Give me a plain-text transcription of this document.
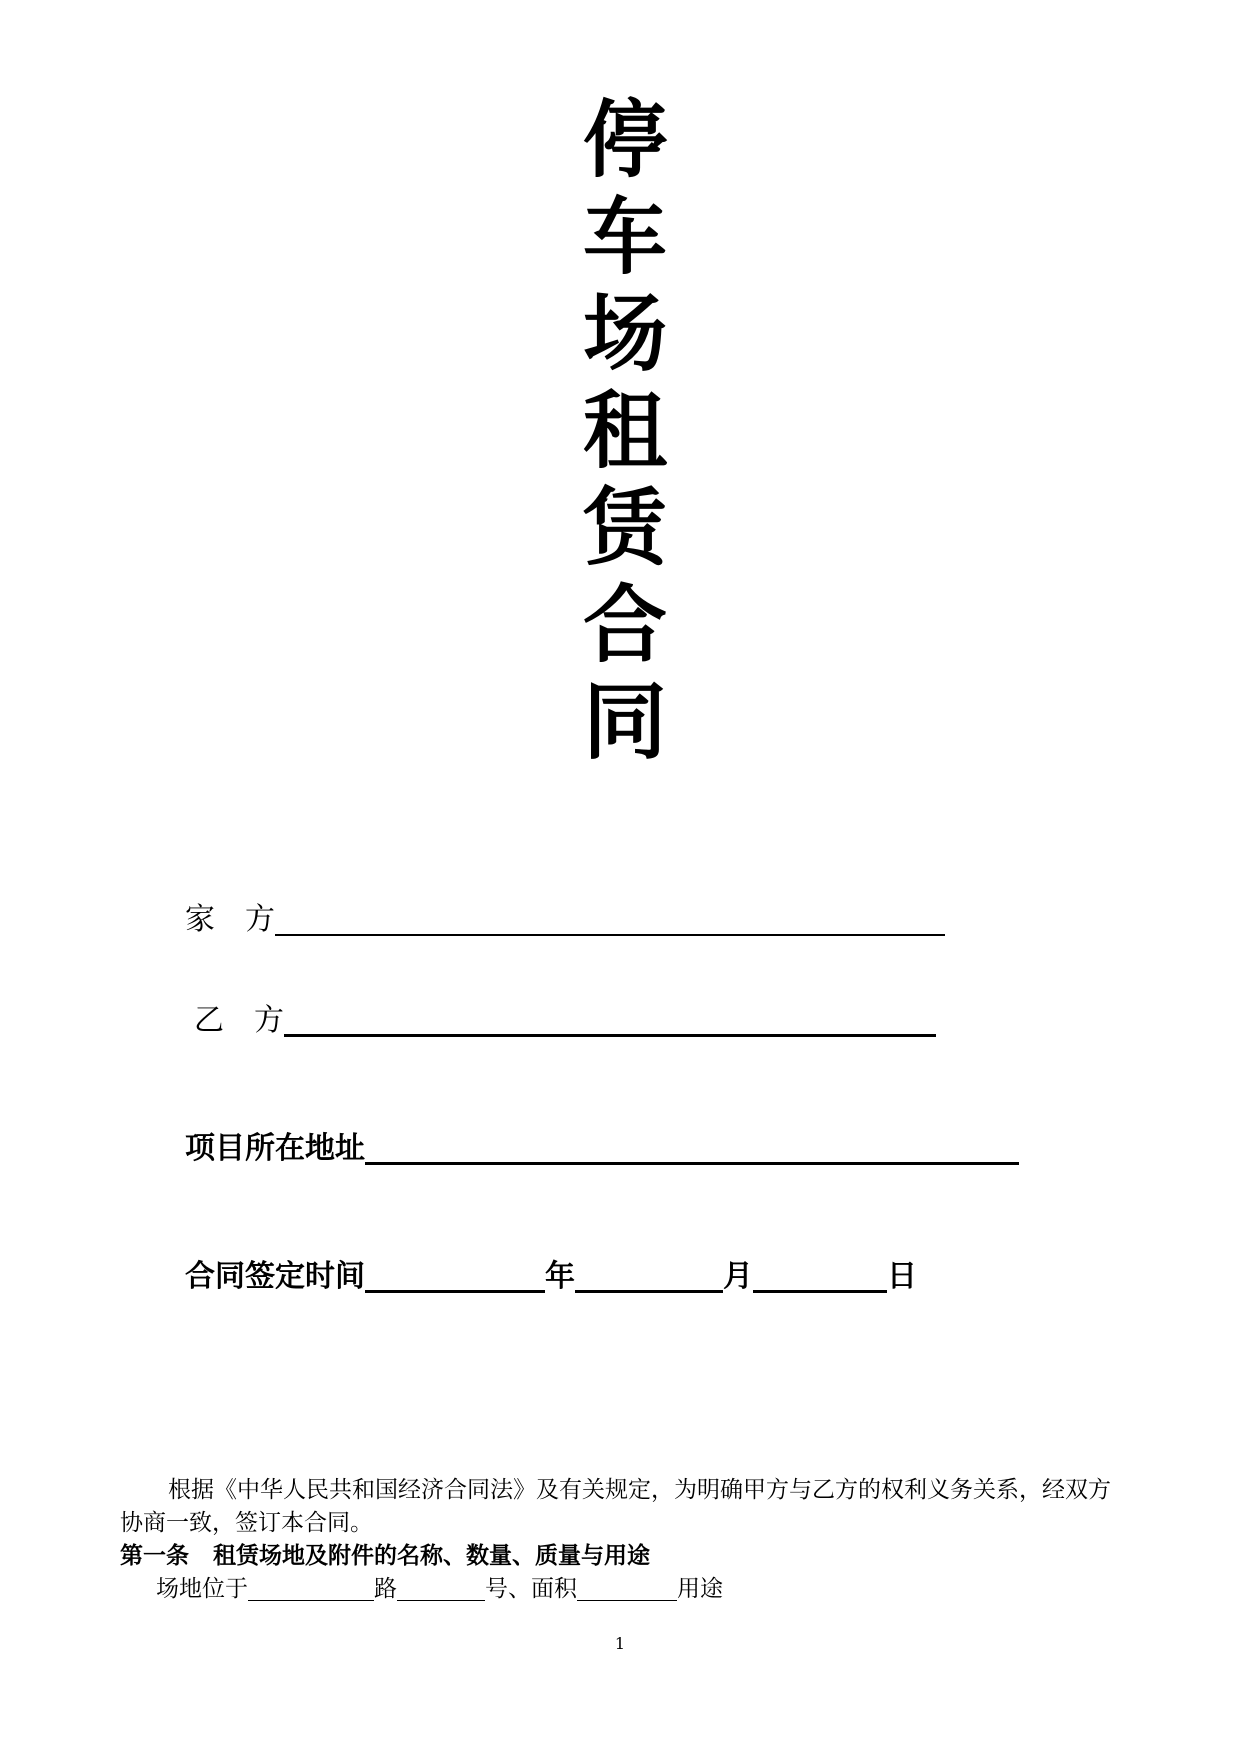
停
车
场
租
赁
合
同
家　方
乙　方
项目所在地址
合同签定时间	年	月	日
根据《中华人民共和国经济合同法》及有关规定，为明确甲方与乙方的权利义务关系，经双方协商一致，签订本合同。
第一条 租赁场地及附件的名称、数量、质量与用途
场地位于	路	号、面积	用途
1
